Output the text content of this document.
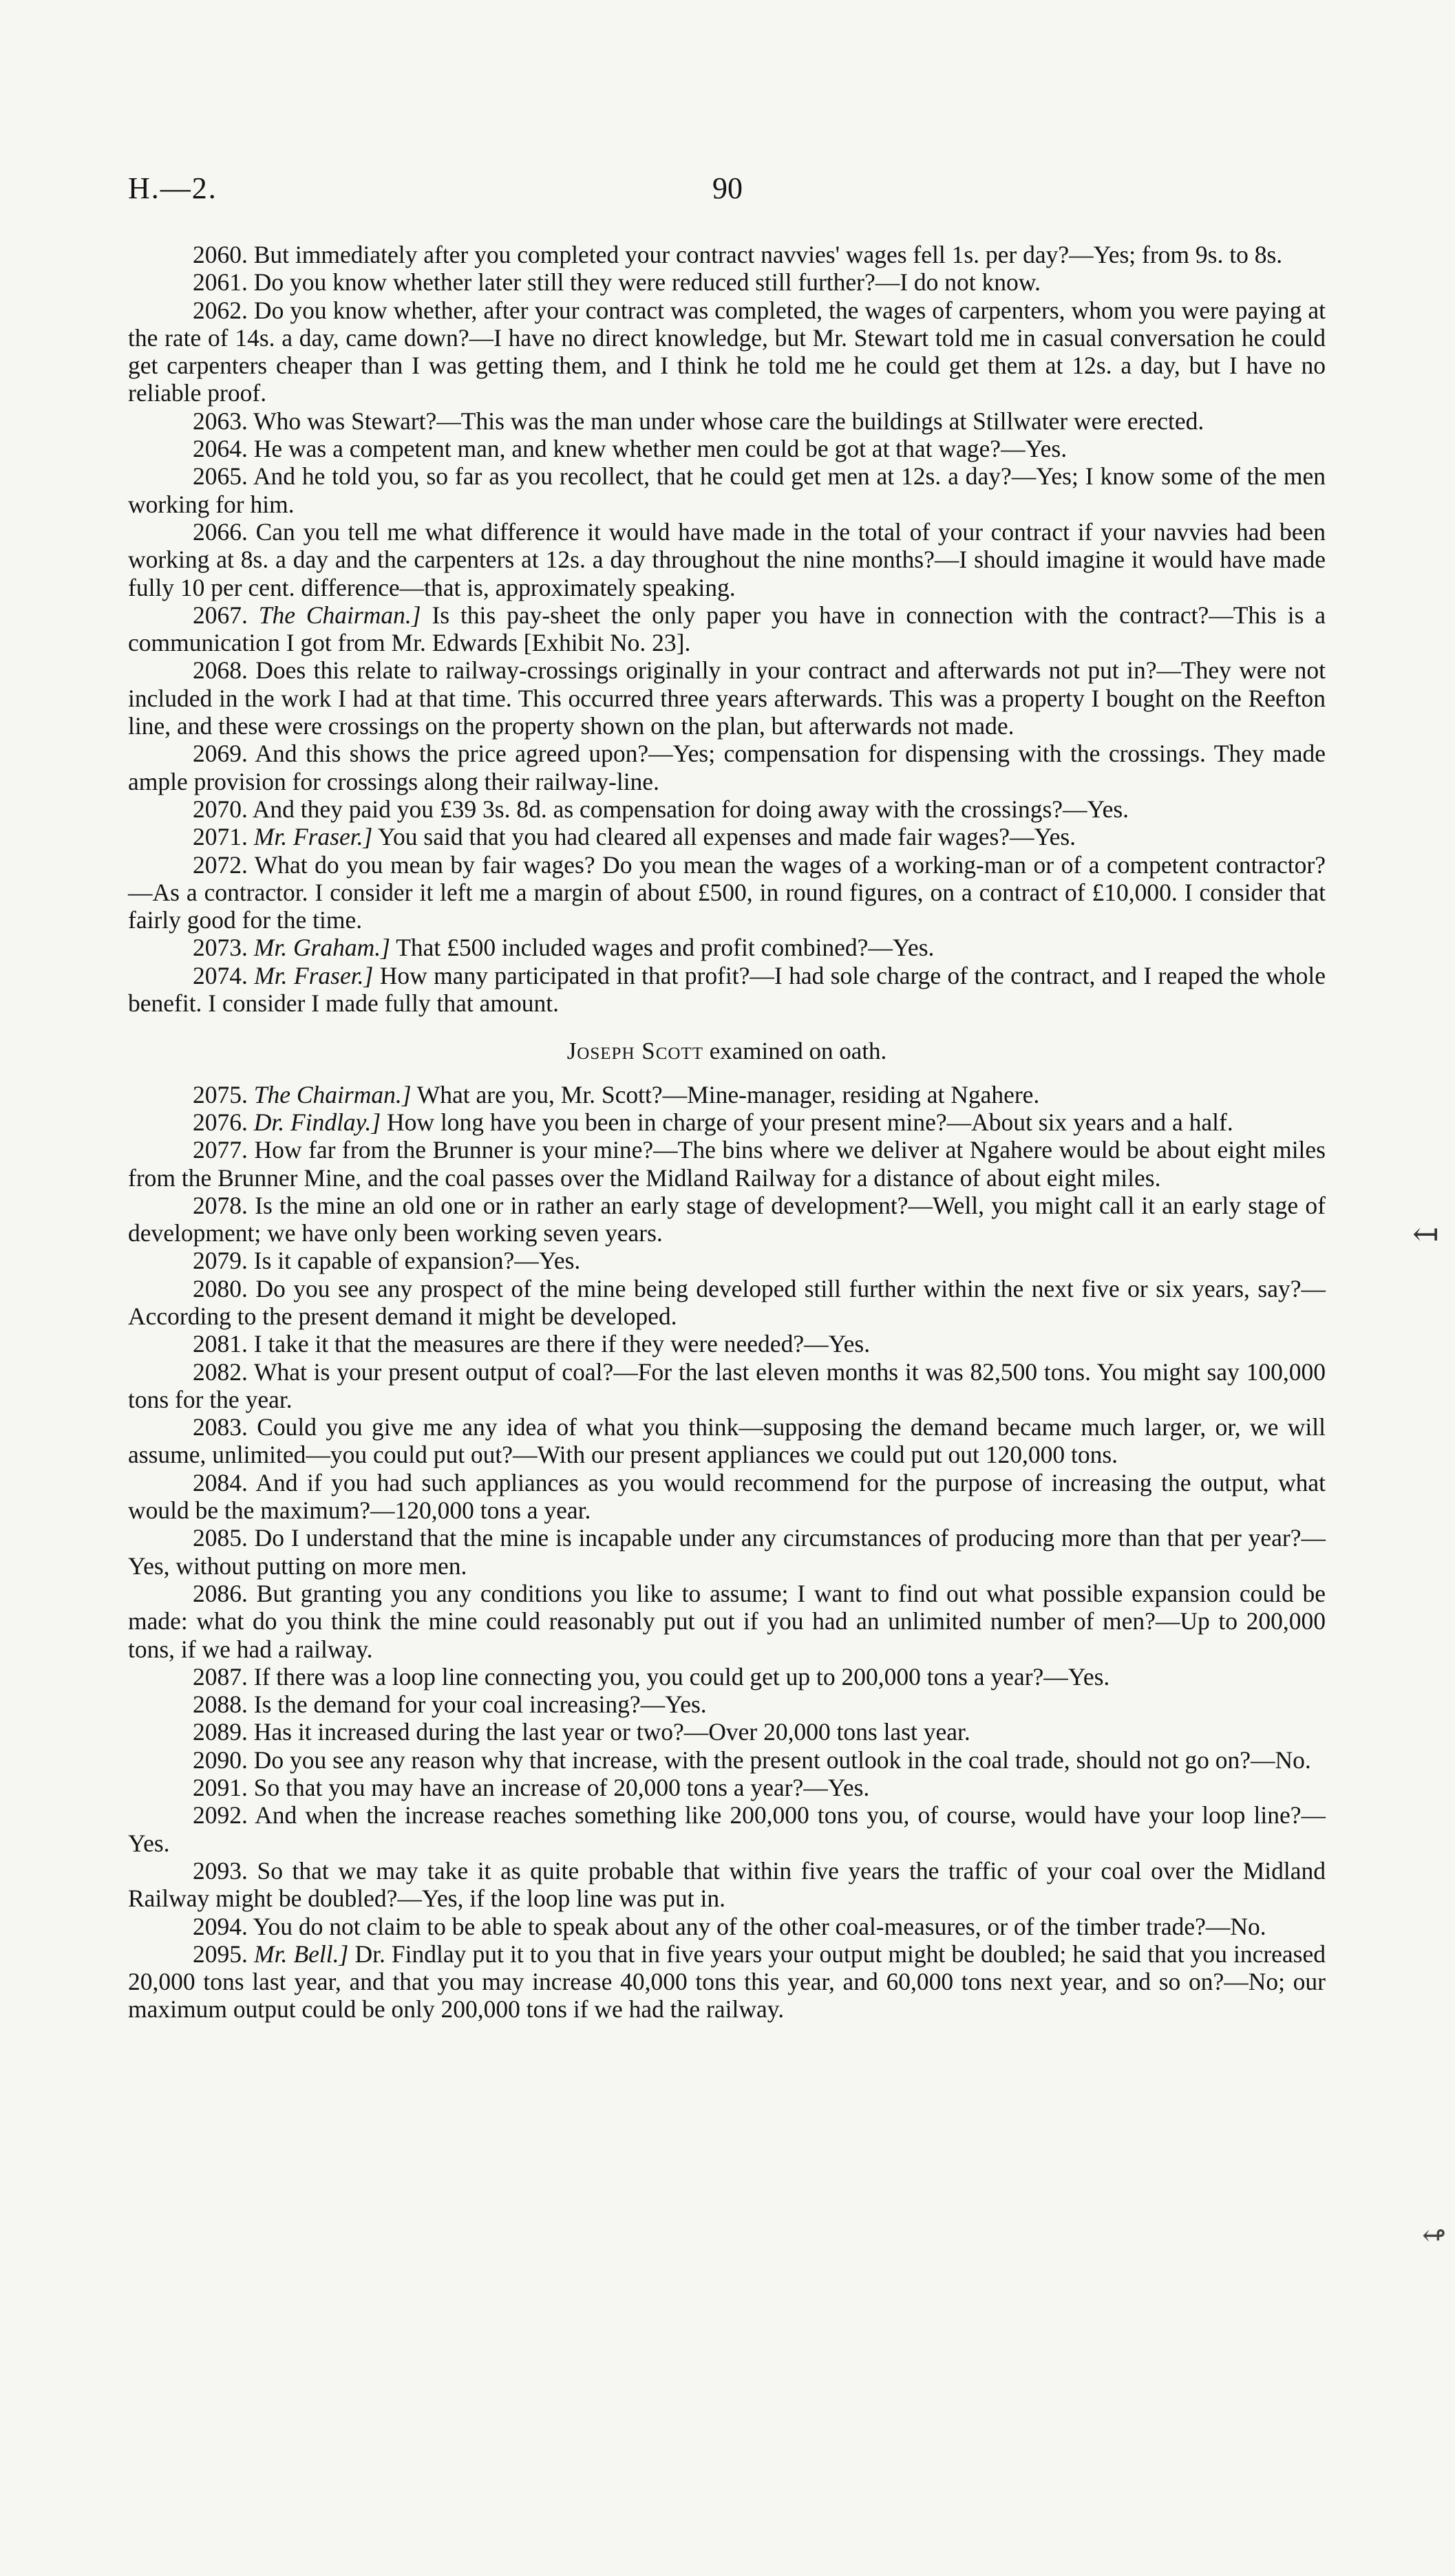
H.—2.	90

2060. But immediately after you completed your contract navvies' wages fell 1s. per day?—Yes; from 9s. to 8s.

2061. Do you know whether later still they were reduced still further?—I do not know.

2062. Do you know whether, after your contract was completed, the wages of carpenters, whom you were paying at the rate of 14s. a day, came down?—I have no direct knowledge, but Mr. Stewart told me in casual conversation he could get carpenters cheaper than I was getting them, and I think he told me he could get them at 12s. a day, but I have no reliable proof.

2063. Who was Stewart?—This was the man under whose care the buildings at Stillwater were erected.

2064. He was a competent man, and knew whether men could be got at that wage?—Yes.

2065. And he told you, so far as you recollect, that he could get men at 12s. a day?—Yes; I know some of the men working for him.

2066. Can you tell me what difference it would have made in the total of your contract if your navvies had been working at 8s. a day and the carpenters at 12s. a day throughout the nine months?—I should imagine it would have made fully 10 per cent. difference—that is, approximately speaking.

2067. The Chairman.] Is this pay-sheet the only paper you have in connection with the contract?—This is a communication I got from Mr. Edwards [Exhibit No. 23].

2068. Does this relate to railway-crossings originally in your contract and afterwards not put in?—They were not included in the work I had at that time. This occurred three years afterwards. This was a property I bought on the Reefton line, and these were crossings on the property shown on the plan, but afterwards not made.

2069. And this shows the price agreed upon?—Yes; compensation for dispensing with the crossings. They made ample provision for crossings along their railway-line.

2070. And they paid you £39 3s. 8d. as compensation for doing away with the crossings?—Yes.

2071. Mr. Fraser.] You said that you had cleared all expenses and made fair wages?—Yes.

2072. What do you mean by fair wages? Do you mean the wages of a working-man or of a competent contractor?—As a contractor. I consider it left me a margin of about £500, in round figures, on a contract of £10,000. I consider that fairly good for the time.

2073. Mr. Graham.] That £500 included wages and profit combined?—Yes.

2074. Mr. Fraser.] How many participated in that profit?—I had sole charge of the contract, and I reaped the whole benefit. I consider I made fully that amount.

Joseph Scott examined on oath.

2075. The Chairman.] What are you, Mr. Scott?—Mine-manager, residing at Ngahere.

2076. Dr. Findlay.] How long have you been in charge of your present mine?—About six years and a half.

2077. How far from the Brunner is your mine?—The bins where we deliver at Ngahere would be about eight miles from the Brunner Mine, and the coal passes over the Midland Railway for a distance of about eight miles.

2078. Is the mine an old one or in rather an early stage of development?—Well, you might call it an early stage of development; we have only been working seven years.

2079. Is it capable of expansion?—Yes.

2080. Do you see any prospect of the mine being developed still further within the next five or six years, say?—According to the present demand it might be developed.

2081. I take it that the measures are there if they were needed?—Yes.

2082. What is your present output of coal?—For the last eleven months it was 82,500 tons. You might say 100,000 tons for the year.

2083. Could you give me any idea of what you think—supposing the demand became much larger, or, we will assume, unlimited—you could put out?—With our present appliances we could put out 120,000 tons.

2084. And if you had such appliances as you would recommend for the purpose of increasing the output, what would be the maximum?—120,000 tons a year.

2085. Do I understand that the mine is incapable under any circumstances of producing more than that per year?—Yes, without putting on more men.

2086. But granting you any conditions you like to assume; I want to find out what possible expansion could be made: what do you think the mine could reasonably put out if you had an unlimited number of men?—Up to 200,000 tons, if we had a railway.

2087. If there was a loop line connecting you, you could get up to 200,000 tons a year?—Yes.

2088. Is the demand for your coal increasing?—Yes.

2089. Has it increased during the last year or two?—Over 20,000 tons last year.

2090. Do you see any reason why that increase, with the present outlook in the coal trade, should not go on?—No.

2091. So that you may have an increase of 20,000 tons a year?—Yes.

2092. And when the increase reaches something like 200,000 tons you, of course, would have your loop line?—Yes.

2093. So that we may take it as quite probable that within five years the traffic of your coal over the Midland Railway might be doubled?—Yes, if the loop line was put in.

2094. You do not claim to be able to speak about any of the other coal-measures, or of the timber trade?—No.

2095. Mr. Bell.] Dr. Findlay put it to you that in five years your output might be doubled; he said that you increased 20,000 tons last year, and that you may increase 40,000 tons this year, and 60,000 tons next year, and so on?—No; our maximum output could be only 200,000 tons if we had the railway.

↤
↫
